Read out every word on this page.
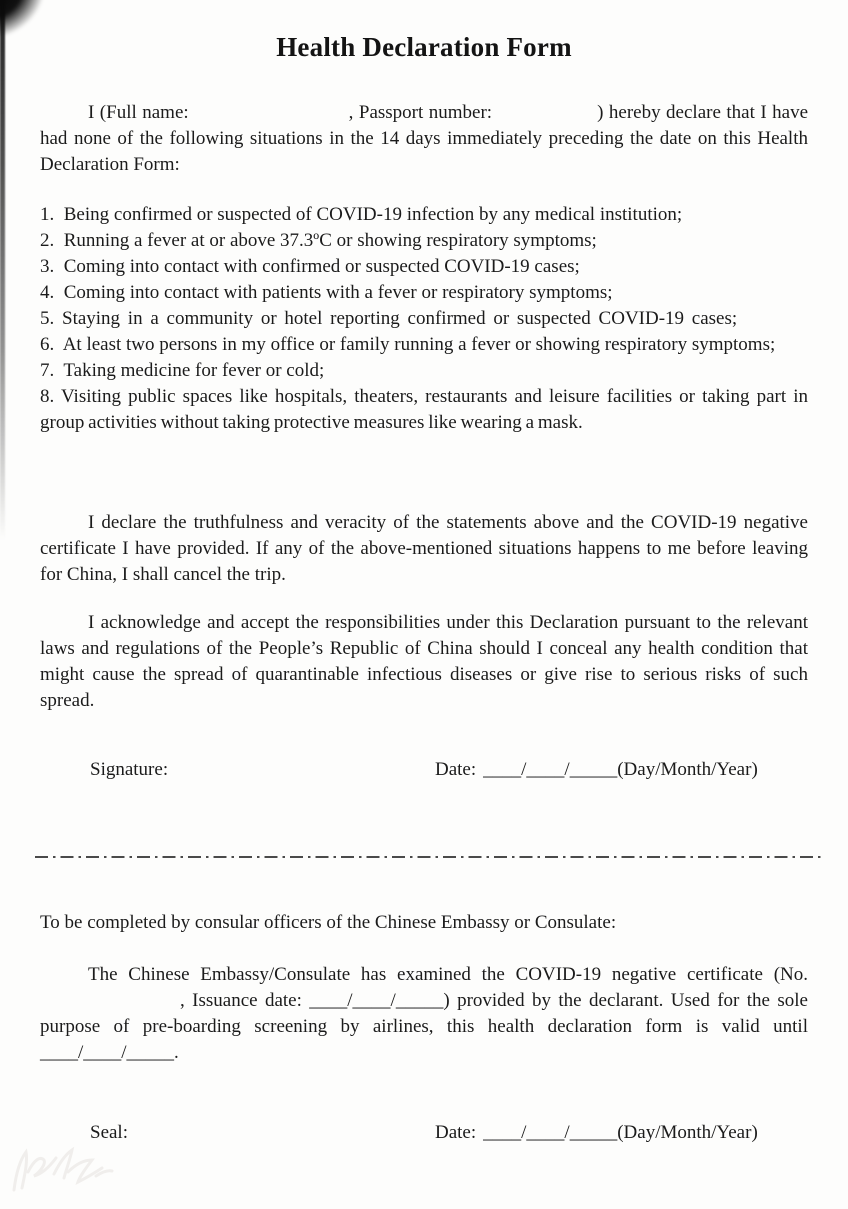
Health Declaration Form

I (Full name:	, Passport number:	) hereby declare that I have had none of the following situations in the 14 days immediately preceding the date on this Health Declaration Form:

1.  Being confirmed or suspected of COVID-19 infection by any medical institution;

2.  Running a fever at or above 37.3ºC or showing respiratory symptoms;

3.  Coming into contact with confirmed or suspected COVID-19 cases;

4.  Coming into contact with patients with a fever or respiratory symptoms;

5. Staying in a community or hotel reporting confirmed or suspected COVID-19 cases;

6.  At least two persons in my office or family running a fever or showing respiratory symptoms;

7.  Taking medicine for fever or cold;

8. Visiting public spaces like hospitals, theaters, restaurants and leisure facilities or taking part in group activities without taking protective measures like wearing a mask.

I declare the truthfulness and veracity of the statements above and the COVID-19 negative certificate I have provided. If any of the above-mentioned situations happens to me before leaving for China, I shall cancel the trip.

I acknowledge and accept the responsibilities under this Declaration pursuant to the relevant laws and regulations of the People’s Republic of China should I conceal any health condition that might cause the spread of quarantinable infectious diseases or give rise to serious risks of such spread.

Signature:	Date: ____/____/_____(Day/Month/Year)

To be completed by consular officers of the Chinese Embassy or Consulate:

The Chinese Embassy/Consulate has examined the COVID-19 negative certificate (No., Issuance date: ____/____/_____) provided by the declarant. Used for the sole purpose of pre-boarding screening by airlines, this health declaration form is valid until ____/____/_____.

Seal:	Date: ____/____/_____(Day/Month/Year)
